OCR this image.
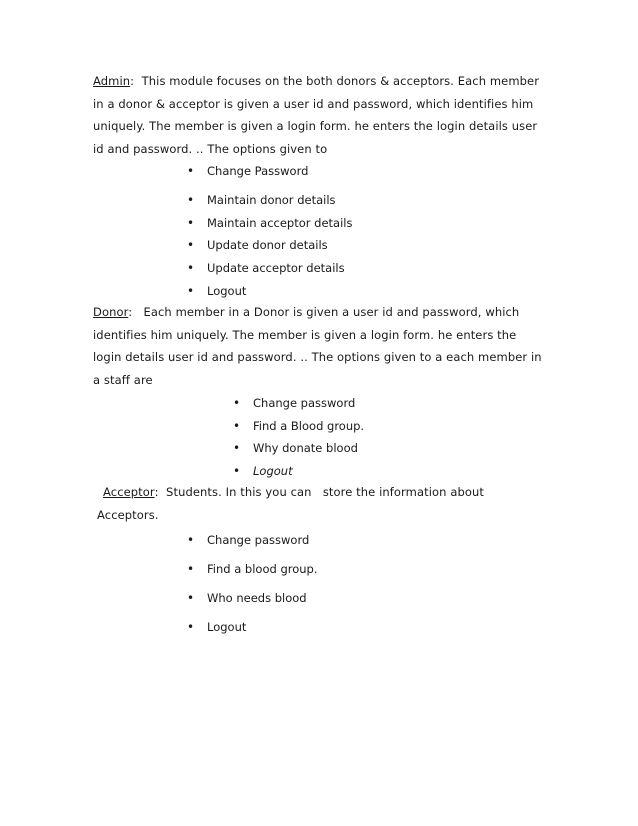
Admin:  This module focuses on the both donors & acceptors. Each member
in a donor & acceptor is given a user id and password, which identifies him
uniquely. The member is given a login form. he enters the login details user
id and password. .. The options given to
• Change Password
• Maintain donor details
• Maintain acceptor details
• Update donor details
• Update acceptor details
• Logout
Donor:   Each member in a Donor is given a user id and password, which
identifies him uniquely. The member is given a login form. he enters the
login details user id and password. .. The options given to a each member in
a staff are
• Change password
• Find a Blood group.
• Why donate blood
• Logout
Acceptor:  Students. In this you can   store the information about
Acceptors.
• Change password
• Find a blood group.
• Who needs blood
• Logout
